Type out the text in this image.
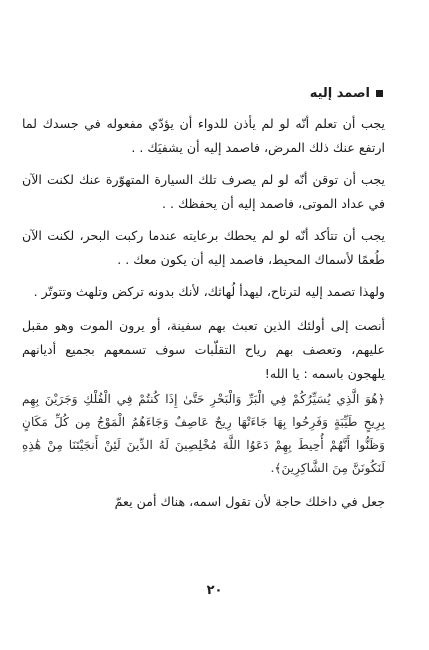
اصمد إليه

يجب أن تعلم أنّه لو لم يأذن للدواء أن يؤدّي مفعوله في جسدك لما ارتفع عنك ذلك المرض، فاصمد إليه أن يشفيَك . .

يجب أن توقن أنّه لو لم يصرف تلك السيارة المتهوّرة عنك لكنت الآن في عداد الموتى، فاصمد إليه أن يحفظك . .

يجب أن تتأكد أنّه لو لم يحطك برعايته عندما ركبت البحر، لكنت الآن طُعمًا لأسماك المحيط، فاصمد إليه أن يكون معك . .

ولهذا تصمد إليه لترتاح، ليهدأ لُهاثك، لأنك بدونه تركض وتلهث وتتوتّر .

أنصت إلى أولئك الذين تعبث بهم سفينة، أو يرون الموت وهو مقبل عليهم، وتعصف بهم رياح التقلّبات سوف تسمعهم بجميع أديانهم يلهجون باسمه : يا الله!

﴿هُوَ الَّذِي يُسَيِّرُكُمْ فِي الْبَرِّ وَالْبَحْرِ حَتَّىٰ إِذَا كُنتُمْ فِي الْفُلْكِ وَجَرَيْنَ بِهِم بِرِيحٍ طَيِّبَةٍ وَفَرِحُوا بِهَا جَاءَتْهَا رِيحٌ عَاصِفٌ وَجَاءَهُمُ الْمَوْجُ مِن كُلِّ مَكَانٍ وَظَنُّوا أَنَّهُمْ أُحِيطَ بِهِمْ دَعَوُا اللَّهَ مُخْلِصِينَ لَهُ الدِّينَ لَئِنْ أَنجَيْتَنَا مِنْ هَٰذِهِ لَنَكُونَنَّ مِنَ الشَّاكِرِينَ﴾.

جعل في داخلك حاجة لأن تقول اسمه، هناك أمن يعمّ

٢٠
